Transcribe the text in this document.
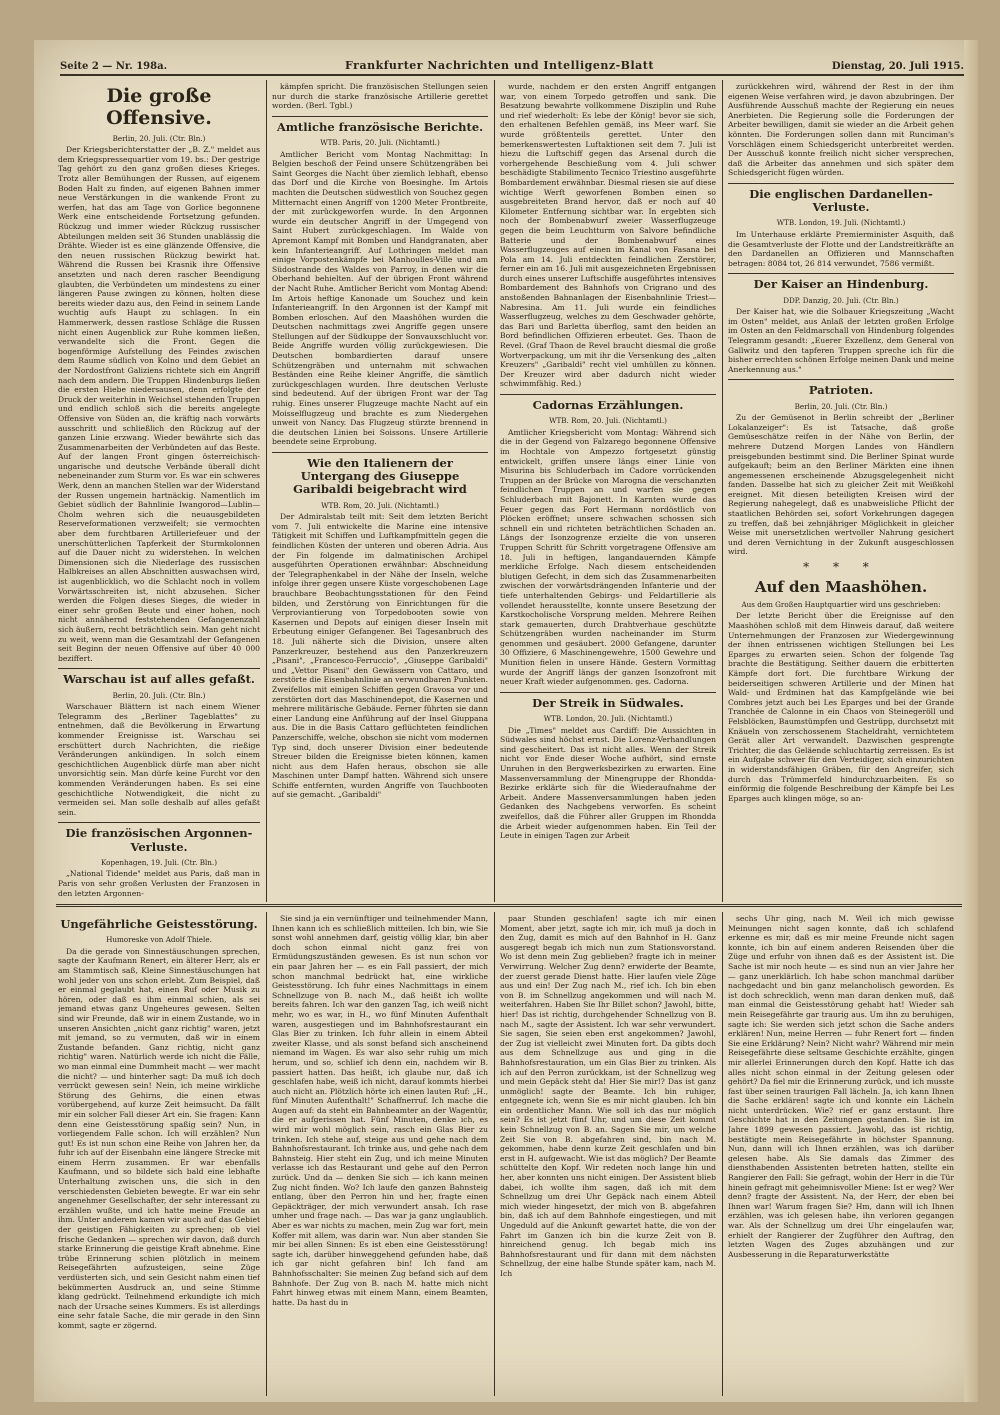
Seite 2 — Nr. 198a.	Frankfurter Nachrichten und Intelligenz-Blatt	Dienstag, 20. Juli 1915.
Die große Offensive.

Berlin, 20. Juli. (Ctr. Bln.)

Der Kriegsberichterstatter der „B. Z." meldet aus dem Kriegspressequartier vom 19. bs.: Der gestrige Tag gehört zu den ganz großen dieses Krieges. Trotz aller Bemühungen der Russen, auf eigenem Boden Halt zu finden, auf eigenen Bahnen immer neue Verstärkungen in die wankende Front zu werfen, hat das am Tage von Gorlice begonnene Werk eine entscheidende Fortsetzung gefunden. Rückzug und immer wieder Rückzug russischer Abteilungen melden seit 36 Stunden unablässig die Drähte. Wieder ist es eine glänzende Offensive, die den neuen russischen Rückzug bewirkt hat. Während die Russen bei Krasnik ihre Offensive ansetzten und nach deren rascher Beendigung glaubten, die Verbündeten um mindestens zu einer längeren Pause zwingen zu können, holten diese bereits wieder dazu aus, den Feind in seinem Lande wuchtig aufs Haupt zu schlagen. In ein Hammerwerk, dessen rastlose Schläge die Russen nicht einen Augenblick zur Ruhe kommen ließen, verwandelte sich die Front. Gegen die bogenförmige Aufstellung des Feindes zwischen dem Raume südlich von Kolno und dem Gebiet an der Nordostfront Galiziens richtete sich ein Angriff nach dem andern. Die Truppen Hindenburgs ließen die ersten Hiebe niedersausen, denn erfolgte der Druck der weiterhin in Weichsel stehenden Truppen und endlich schloß sich die bereits angelegte Offensive von Süden an, die kräftig nach vorwärts ausschritt und schließlich den Rückzug auf der ganzen Linie erzwang. Wieder bewährte sich das Zusammenarbeiten der Verbündeten auf das Beste. Auf der langen Front gingen österreichisch-ungarische und deutsche Verbände überall dicht nebeneinander zum Sturm vor. Es war ein schweres Werk, denn an manchen Stellen war der Widerstand der Russen ungemein hartnäckig. Namentlich im Gebiet südlich der Bahnlinie Iwangorod—Lublin—Cholm wehren sich die neuausgebildeten Reserveformationen verzweifelt; sie vermochten aber dem furchtbaren Artilleriefeuer und der unerschütterlichen Tapferkeit der Sturmkolonnen auf die Dauer nicht zu widerstehen. In welchen Dimensionen sich die Niederlage des russischen Halbkreises an allen Abschnitten auswachsen wird, ist augenblicklich, wo die Schlacht noch in vollem Vorwärtsschreiten ist, nicht abzusehen. Sicher werden die Folgen dieses Sieges, die wieder in einer sehr großen Beute und einer hohen, noch nicht annähernd feststehenden Gefangenenzahl sich äußern, recht beträchtlich sein. Man geht nicht zu weit, wenn man die Gesamtzahl der Gefangenen seit Beginn der neuen Offensive auf über 40 000 beziffert.

Warschau ist auf alles gefaßt.

Berlin, 20. Juli. (Ctr. Bln.)

Warschauer Blättern ist nach einem Wiener Telegramm des „Berliner Tageblattes" zu entnehmen, daß die Bevölkerung in Erwartung kommender Ereignisse ist. Warschau sei erschüttert durch Nachrichten, die rießige Veränderungen ankündigen. In solch einem geschichtlichen Augenblick dürfe man aber nicht unvorsichtig sein. Man dürfe keine Furcht vor den kommenden Veränderungen haben. Es sei eine geschichtliche Notwendigkeit, die nicht zu vermeiden sei. Man solle deshalb auf alles gefaßt sein.

Die französischen Argonnen-Verluste.

Kopenhagen, 19. Juli. (Ctr. Bln.)

„National Tidende" meldet aus Paris, daß man in Paris von sehr großen Verlusten der Franzosen in den letzten Argonnen-

kämpfen spricht. Die französischen Stellungen seien nur durch die starke französische Artillerie gerettet worden. (Berl. Tgbl.)

Amtliche französische Berichte.

WTB. Paris, 20. Juli. (Nichtamtl.)

Amtlicher Bericht vom Montag Nachmittag: In Belgien beschoß der Feind unsere Schützengräben bei Saint Georges die Nacht über ziemlich lebhaft, ebenso das Dorf und die Kirche von Boesinghe. Im Artois machten die Deutschen südwestlich von Souchez gegen Mitternacht einen Angriff von 1200 Meter Frontbreite, der mit zurückgeworfen wurde. In den Argonnen wurde ein deutscher Angriff in der Umgegend von Saint Hubert zurückgeschlagen. Im Walde von Apremont Kampf mit Bomben und Handgranaten, aber kein Infanterieangriff. Auf Lothringen meldet man einige Vorpostenkämpfe bei Manhoulles-Ville und am Südostrande des Waldes von Parroy, in denen wir die Oberhand behielten. Auf der übrigen Front während der Nacht Ruhe. Amtlicher Bericht vom Montag Abend: Im Artois heftige Kanonade um Souchez und kein Infanterieangriff. In den Argonnen ist der Kampf mit Bomben erloschen. Auf den Maashöhen wurden die Deutschen nachmittags zwei Angriffe gegen unsere Stellungen auf der Südkuppe der Sonvauxschlucht vor. Beide Angriffe wurden völlig zurückgewiesen. Die Deutschen bombardierten darauf unsere Schützengräben und unternahm mit schwachen Beständen eine Reihe kleiner Angriffe, die sämtlich zurückgeschlagen wurden. Ihre deutschen Verluste sind bedeutend. Auf der übrigen Front war der Tag ruhig. Eines unserer Flugzeuge machte Nacht auf ein Moisselflugzeug und brachte es zum Niedergehen unweit von Nancy. Das Flugzeug stürzte brennend in die deutschen Linien bei Soissons. Unsere Artillerie beendete seine Erprobung.

Wie den Italienern der Untergang des Giuseppe Garibaldi beigebracht wird

WTB. Rom, 20. Juli. (Nichtamtl.)

Der Admiralstab teilt mit: Seit dem letzten Bericht vom 7. Juli entwickelte die Marine eine intensive Tätigkeit mit Schiffen und Luftkampfmitteln gegen die feindlichen Küsten der unteren und oberen Adria. Aus der Fin folgende im dalmatinischen Archipel ausgeführten Operationen erwähnbar: Abschneidung der Telegraphenkabel in der Nähe der Inseln, welche infolge ihrer gegen unsere Küste vorgeschobenen Lage brauchbare Beobachtungsstationen für den Feind bilden, und Zerstörung von Einrichtungen für die Verproviantierung von Torpedobooten sowie von Kasernen und Depots auf einigen dieser Inseln mit Erbeutung einiger Gefangener. Bei Tagesanbruch des 18. Juli näherte sich die Division, unsere alten Panzerkreuzer, bestehend aus den Panzerkreuzern „Pisani", „Francesco-Ferruccio", „Giuseppe Garibaldi" und „Vettor Pisani" den Gewässern von Cattaro, und zerstörte die Eisenbahnlinie an verwundbaren Punkten. Zweifellos mit einigen Schiffen gegen Gravosa vor und zerstörten dort das Maschinendepot, die Kasernen und mehrere militärische Gebäude. Ferner führten sie dann einer Landung eine Anführung auf der Insel Giuppana aus. Die in die Basis Cattaro geflüchteten feindlichen Panzerschiffe, welche, obschon sie nicht vom modernen Typ sind, doch unserer Division einer bedeutende Streuer bilden die Ereignisse bieten können, kamen nicht aus dem Hafen heraus, obschon sie alle Maschinen unter Dampf hatten. Während sich unsere Schiffe entfernten, wurden Angriffe von Tauchbooten auf sie gemacht. „Garibaldi"

wurde, nachdem er den ersten Angriff entgangen war, von einem Torpedo getroffen und sank. Die Besatzung bewahrte vollkommene Disziplin und Ruhe und rief wiederholt: Es lebe der König! bevor sie sich, den erhaltenen Befehlen gemäß, ins Meer warf. Sie wurde größtenteils gerettet. Unter den bemerkenswertesten Luftaktionen seit dem 7. Juli ist hiezu die Luftschiff gegen das Arsenal durch die vorhergehende Beschießung vom 4. Juli schwer beschädigte Stabilimento Tecnico Triestino ausgeführte Bombardement erwähnbar. Diesmal riesen sie auf diese wichtige Werft geworfenen Bomben einen so ausgebreiteten Brand hervor, daß er noch auf 40 Kilometer Entfernung sichtbar war. In ergebten sich noch der Bombenabwurf zweier Wasserflugzeuge gegen die beim Leuchtturm von Salvore befindliche Batterie und der Bombenabwurf eines Wasserflugzeuges auf einen im Kanal von Fasana bei Pola am 14. Juli entdeckten feindlichen Zerstörer, ferner ein am 16. Juli mit ausgezeichneten Ergebnissen durch eines unserer Luftschiffe ausgeführtes intensives Bombardement des Bahnhofs von Crigrano und des anstoßenden Bahnanlagen der Eisenbahnlinie Triest—Nabresina. Am 11. Juli wurde ein feindliches Wasserflugzeug, welches zu dem Geschwader gehörte, das Bari und Barletta überflog, samt den beiden an Bord befindlichen Offizieren erbeutet. Ges. Thaon de Revel. (Graf Thaon de Revel braucht diesmal die große Wortverpackung, um mit ihr die Versenkung des „alten Kreuzers" „Garibaldi" recht viel umhüllen zu können. Der Kreuzer wird aber dadurch nicht wieder schwimmfähig. Red.)

Cadornas Erzählungen.

WTB. Rom, 20. Juli. (Nichtamtl.)

Amtlicher Kriegsbericht vom Montag: Während sich die in der Gegend von Falzarego begonnene Offensive im Hochtale von Ampezzo fortgesetzt günstig entwickelt, griffen unsere längs einer Linie von Misurina bis Schluderbach im Cadore vorrückenden Truppen an der Brücke von Marogna die verschanzten feindlichen Truppen an und warfen sie gegen Schluderbach mit Bajonett. In Karnten wurde das Feuer gegen das Fort Hermann nordöstlich von Plöcken eröffnet; unsere schwachen schossen sich schnell ein und richteten beträchtlichen Schaden an. Längs der Isonzogrenze erzielte die von unseren Truppen Schritt für Schritt vorgetragene Offensive am 18. Juli in heftigen, langandauernden Kämpfe merkliche Erfolge. Nach diesem entscheidenden blutigen Gefecht, in dem sich das Zusammenarbeiten zwischen der vorwärtsdrängenden Infanterie und der tiefe unterhaltenden Gebirgs- und Feldartillerie als vollendet herausstellte, konnte unsere Besetzung der Karstkocholische Vorsprung melden. Mehrere Reihen stark gemauerten, durch Drahtverhaue geschützte Schützengräben wurden nacheinander im Sturm genommen und gesäubert. 2000 Gefangene, darunter 30 Offiziere, 6 Maschinengewehre, 1500 Gewehre und Munition fielen in unsere Hände. Gestern Vormittag wurde der Angriff längs der ganzen Isonzofront mit neuer Kraft wieder aufgenommen. ges. Cadorna.

Der Streik in Südwales.

WTB. London, 20. Juli. (Nichtamtl.)

Die „Times" meldet aus Cardiff: Die Aussichten in Südwales sind höchst ernst. Die Lorenz-Verhandlungen sind gescheitert. Das ist nicht alles. Wenn der Streik nicht vor Ende dieser Woche aufhört, sind ernste Unruhen in den Bergwerksbezirken zu erwarten. Eine Massenversammlung der Minengruppe der Rhondda-Bezirke erklärte sich für die Wiederaufnahme der Arbeit. Andere Massenversammlungen haben jeden Gedanken des Nachgebens verworfen. Es scheint zweifellos, daß die Führer aller Gruppen im Rhondda die Arbeit wieder aufgenommen haben. Ein Teil der Leute in einigen Tagen zur Arbeit

zurückkehren wird, während der Rest in der ihm eigenen Weise verfahren wird, je davon abzubringen. Der Ausführende Ausschuß machte der Regierung ein neues Anerbieten. Die Regierung solle die Forderungen der Arbeiter bewilligen, damit sie wieder an die Arbeit gehen könnten. Die Forderungen sollen dann mit Runciman's Vorschlägen einem Schiedsgericht unterbreitet werden. Der Ausschuß konnte freilich nicht sicher versprechen, daß die Arbeiter das annehmen und sich später dem Schiedsgericht fügen würden.

Die englischen Dardanellen-Verluste.

WTB. London, 19. Juli. (Nichtamtl.)

Im Unterhause erklärte Premierminister Asquith, daß die Gesamtverluste der Flotte und der Landstreitkräfte an den Dardanellen an Offizieren und Mannschaften betragen: 8084 tot, 26 814 verwundet, 7586 vermißt.

Der Kaiser an Hindenburg.

DDP. Danzig, 20. Juli. (Ctr. Bln.)

Der Kaiser hat, wie die Solbauer Kriegszeitung „Wacht im Osten" meldet, aus Anlaß der letzten großen Erfolge im Osten an den Feldmarschall von Hindenburg folgendes Telegramm gesandt: „Euerer Exzellenz, dem General von Gallwitz und den tapferen Truppen spreche ich für die bisher errechten schönen Erfolge meinen Dank und meine Anerkennung aus."

Patrioten.

Berlin, 20. Juli. (Ctr. Bln.)

Zu der Gemüsenot in Berlin schreibt der „Berliner Lokalanzeiger": Es ist Tatsache, daß große Gemüseschätze reifen in der Nähe von Berlin, der mehrere Dutzend Morgen Landes von Händlern preisgebunden bestimmt sind. Die Berliner Spinat wurde aufgekauft; beim an den Berliner Märkten eine ihnen angemessenen erscheinende Abzugsgelegenheit nicht fanden. Dasselbe hat sich zu gleicher Zeit mit Weißkohl ereignet. Mit diesen beteiligten Kreisen wird der Regierung nahegelegt, daß es unabweisliche Pflicht der staatlichen Behörden sei, sofort Vorkehrungen dagegen zu treffen, daß bei zehnjähriger Möglichkeit in gleicher Weise mit unersetzlichen wertvoller Nahrung gesichert und deren Vernichtung in der Zukunft ausgeschlossen wird.

* * *
Auf den Maashöhen.

Aus dem Großen Hauptquartier wird uns geschrieben:

Der letzte Bericht über die Ereignisse auf den Maashöhen schloß mit dem Hinweis darauf, daß weitere Unternehmungen der Franzosen zur Wiedergewinnung der ihnen entrissenen wichtigen Stellungen bei Les Eparges zu erwarten seien. Schon der folgende Tag brachte die Bestätigung. Seither dauern die erbitterten Kämpfe dort fort. Die furchtbare Wirkung der beiderseitigen schweren Artillerie und der Minen hat Wald- und Erdminen hat das Kampfgelände wie bei Combres jetzt auch bei Les Eparges und bei der Grande Tranchée de Calonne in ein Chaos von Steinegeröll und Felsblöcken, Baumstümpfen und Gestrüpp, durchsetzt mit Knäueln von zerschossenem Stacheldraht, vernichtetem Gerät aller Art verwandelt. Dazwischen gesprengte Trichter, die das Geläende schluchtartig zerreissen. Es ist ein Aufgabe schwer für den Verteidiger, sich einzurichten in widerstandsfähigen Gräben, für den Angreifer, sich durch das Trümmerfeld hindurchzuarbeiten. Es so einförmig die folgende Beschreibung der Kämpfe bei Les Eparges auch klingen möge, so an-

Ungefährliche Geistesstörung.

Humoreske von Adolf Thiele.

Da die gerade von Sinnestäuschungen sprechen, sagte der Kaufmann Renert, ein älterer Herr, als er am Stammtisch saß, Kleine Sinnestäuschungen hat wohl jeder von uns schon erlebt. Zum Beispiel, daß er einmal geglaubt hat, einen Ruf oder Musik zu hören, oder daß es ihm einmal schien, als sei jemand etwas ganz Ungeheures gewesen. Selten sind wir Freunde, daß wir in einem Zustande, wo in unseren Ansichten „nicht ganz richtig" waren, jetzt mit jemand, so zu vermuten, daß wir in einem Zustande befanden. Ganz richtig, nicht ganz richtig" waren. Natürlich werde ich nicht die Fälle, wo man einmal eine Dummheit macht — wer macht die nicht? — und hinterher sagt: Da muß ich doch verrückt gewesen sein! Nein, ich meine wirkliche Störung des Gehirns, die einen etwas vorübergehend, auf kurze Zeit heimsucht. Da fällt mir ein solcher Fall dieser Art ein. Sie fragen: Kann denn eine Geistesstörung spaßig sein? Nun, in vorliegendem Falle schon. Ich will erzählen? Nun gut! Es ist nun schon eine Reihe von Jahren her, da fuhr ich auf der Eisenbahn eine längere Strecke mit einem Herrn zusammen. Er war ebenfalls Kaufmann, und so bildete sich bald eine lebhafte Unterhaltung zwischen uns, die sich in den verschiedensten Gebieten bewegte. Er war ein sehr angenehmer Gesellschafter, der sehr interessant zu erzählen wußte, und ich hatte meine Freude an ihm. Unter anderem kamen wir auch auf das Gebiet der geistigen Fähigkeiten zu sprechen; ob viel frische Gedanken — sprechen wir davon, daß durch starke Erinnerung die geistige Kraft abnehme. Eine trübe Erinnerung schien plötzlich in meinem Reisegefährten aufzusteigen, seine Züge verdüsterten sich, und sein Gesicht nahm einen tief bekümmerten Ausdruck an, und seine Stimme klang gedrückt. Teilnehmend erkundigte ich mich nach der Ursache seines Kummers. Es ist allerdings eine sehr fatale Sache, die mir gerade in den Sinn kommt, sagte er zögernd.

Sie sind ja ein vernünftiger und teilnehmender Mann, Ihnen kann ich es schließlich mitteilen. Ich bin, wie Sie sonst wohl annehmen darf, geistig völlig klar, bin aber doch schon einmal nicht ganz frei von Ermüdungszuständen gewesen. Es ist nun schon vor ein paar Jahren her — es ein Fall passiert, der mich schon manchmal bedrückt hat, eine wirkliche Geistesstörung. Ich fuhr eines Nachmittags in einem Schnellzuge von B. nach M., daß heißt ich wollte bereits fahren. Ich war den ganzen Tag, ich weiß nicht mehr, wo es war, in H., wo fünf Minuten Aufenthalt waren, ausgestiegen und im Bahnhofsrestaurant ein Glas Bier zu trinken. Ich fuhr allein in einem Abteil zweiter Klasse, und als sonst befand sich anscheinend niemand im Wagen. Es war also sehr ruhig um mich herum, und so, schlief ich denn ein, nachdem wir B. passiert hatten. Das heißt, ich glaube nur, daß ich geschlafen habe, weiß ich nicht, darauf kommts hierbei auch nicht an. Plötzlich hörte ich einen lauten Ruf: „H., fünf Minuten Aufenthalt!" Schaffnerruf. Ich mache die Augen auf: da steht ein Bahnbeamter an der Wagentür, die er aufgerissen hat. Fünf Minuten, denke ich, es wird mir wohl möglich sein, rasch ein Glas Bier zu trinken. Ich stehe auf, steige aus und gehe nach dem Bahnhofsrestaurant. Ich trinke aus, und gehe nach dem Bahnsteig. Hier steht ein Zug, und ich meine Minuten verlasse ich das Restaurant und gehe auf den Perron zurück. Und da — denken Sie sich — ich kann meinen Zug nicht finden. Wo? Ich laufe den ganzen Bahnsteig entlang, über den Perron hin und her, fragte einen Gepäckträger, der mich verwundert ansah. Ich rase umher und frage nach. — Das war ja ganz unglaublich. Aber es war nichts zu machen, mein Zug war fort, mein Koffer mit allem, was darin war. Nun aber standen Sie mir bei allen Sinnen: Es ist eben eine Geistesstörung! sagte ich, darüber hinweggehend gefunden habe, daß ich gar nicht gefahren bin! Ich fand am Bahnhofsschalter: Sie meinen Zug befand sich auf dem Bahnhofe. Der Zug von B. nach M. hatte mich nicht Fahrt hinweg etwas mit einem Mann, einem Beamten, hatte. Da hast du in

paar Stunden geschlafen! sagte ich mir einen Moment, aber jetzt, sagte ich mir, ich muß ja doch in den Zug, damit es mich auf den Bahnhof in H. Ganz ausgeregt begab ich mich nun zum Stationsvorstand. Wo ist denn mein Zug geblieben? fragte ich in meiner Verwirrung. Welcher Zug denn? erwiderte der Beamte, der zuerst gerade Dienst hatte. Hier laufen viele Züge aus und ein! Der Zug nach M., rief ich. Ich bin eben von B. im Schnellzug angekommen und will nach M. weiterfahren. Haben Sie Ihr Billet schon? Jawohl, bitte, hier! Das ist richtig, durchgehender Schnellzug von B. nach M., sagte der Assistent. Ich war sehr verwundert. Sie sagen, Sie seien eben erst angekommen? Jawohl, der Zug ist vielleicht zwei Minuten fort. Da gibts doch aus dem Schnellzuge aus und ging in die Bahnhofsrestauration, um ein Glas Bier zu trinken. Als ich auf den Perron zurückkam, ist der Schnellzug weg und mein Gepäck steht da! Hier Sie mir!? Das ist ganz unmöglich! sagte der Beamte. Ich bin ruhiger, entgegnete ich, wenn Sie es mir nicht glauben. Ich bin ein ordentlicher Mann. Wie soll ich das nur möglich sein? Es ist jetzt fünf Uhr, und um diese Zeit kommt kein Schnellzug von B. an. Sagen Sie mir, um welche Zeit Sie von B. abgefahren sind, bin nach M. gekommen, habe denn kurze Zeit geschlafen und bin erst in H. aufgewacht. Wie ist das möglich? Der Beamte schüttelte den Kopf. Wir redeten noch lange hin und her, aber konnten uns nicht einigen. Der Assistent blieb dabei, ich wollte ihm sagen, daß ich mit dem Schnellzug um drei Uhr Gepäck nach einem Abteil mich wieder hingesetzt, der mich von B. abgefahren bin, daß ich auf dem Bahnhofe eingestiegen, und mit Ungeduld auf die Ankunft gewartet hatte, die von der Fahrt im Ganzen ich bin die kurze Zeit von B. hinreichend genug. Ich begab mich ins Bahnhofsrestaurant und für dann mit dem nächsten Schnellzug, der eine halbe Stunde später kam, nach M. Ich

sechs Uhr ging, nach M. Weil ich mich gewisse Meinungen nicht sagen konnte, daß ich schlafend erkenne es mir, daß es mir meine Freunde nicht sagen konnte, ich bin auf einem anderen Reisenden über die Züge und erfuhr von ihnen daß es der Assistent ist. Die Sache ist mir noch heute — es sind nun an vier Jahre her — ganz unerklärlich. Ich habe schon manchmal darüber nachgedacht und bin ganz melancholisch geworden. Es ist doch schrecklich, wenn man daran denken muß, daß man einmal die Geistesstörung gehabt hat! Wieder sah mein Reisegefährte gar traurig aus. Um ihn zu beruhigen, sagte ich: Sie werden sich jetzt schon die Sache anders erklären! Nun, meine Herren — fuhr Renert fort — finden Sie eine Erklärung? Nein? Nicht wahr? Während mir mein Reisegefährte diese seltsame Geschichte erzählte, gingen mir allerlei Erinnerungen durch den Kopf. Hatte ich das alles nicht schon einmal in der Zeitung gelesen oder gehört? Da fiel mir die Erinnerung zurück, und ich musste fast über seinen traurigen Fall lächeln. Ja, ich kann Ihnen die Sache erklären! sagte ich und konnte ein Lächeln nicht unterdrücken. Wie? rief er ganz erstaunt. Ihre Geschichte hat in den Zeitungen gestanden. Sie ist im Jahre 1899 gewesen passiert. Jawohl, das ist richtig, bestätigte mein Reisegefährte in höchster Spannung. Nun, dann will ich Ihnen erzählen, was ich darüber gelesen habe. Als Sie damals das Zimmer des diensthabenden Assistenten betreten hatten, stellte ein Rangierer den Fall: Sie gefragt, wohin der Herr in die Tür hinein gefragt mit geheimnisvoller Miene: Ist er weg? Wer denn? fragte der Assistent. Na, der Herr, der eben bei Ihnen war! Warum fragen Sie? Hm, dann will ich Ihnen erzählen, was ich gelesen habe, ihn verloren gegangen war. Als der Schnellzug um drei Uhr eingelaufen war, erhielt der Rangierer der Zugführer den Auftrag, den letzten Wagen des Zuges abzuhängen und zur Ausbesserung in die Reparaturwerkstätte
